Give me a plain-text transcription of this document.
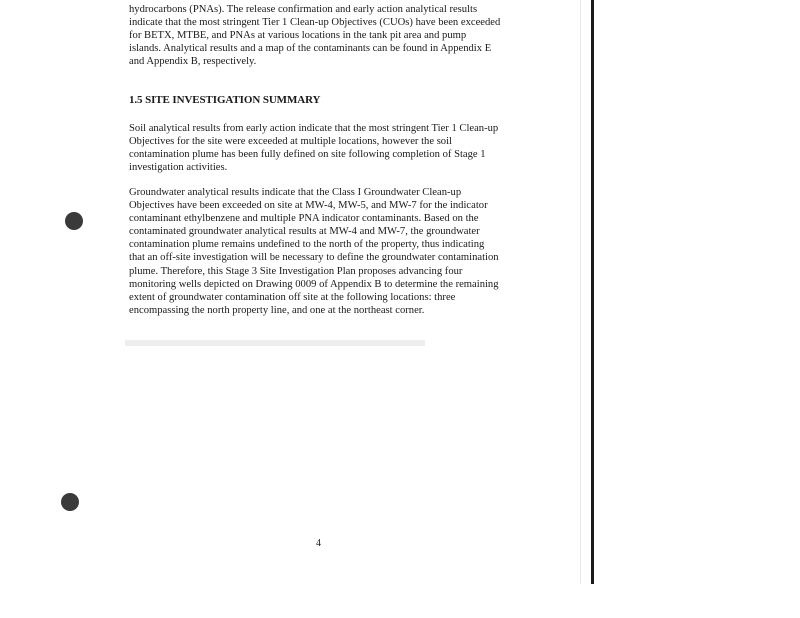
hydrocarbons (PNAs). The release confirmation and early action analytical results
indicate that the most stringent Tier 1 Clean-up Objectives (CUOs) have been exceeded
for BETX, MTBE, and PNAs at various locations in the tank pit area and pump
islands. Analytical results and a map of the contaminants can be found in Appendix E
and Appendix B, respectively.
1.5 SITE INVESTIGATION SUMMARY
Soil analytical results from early action indicate that the most stringent Tier 1 Clean-up
Objectives for the site were exceeded at multiple locations, however the soil
contamination plume has been fully defined on site following completion of Stage 1
investigation activities.
Groundwater analytical results indicate that the Class I Groundwater Clean-up
Objectives have been exceeded on site at MW-4, MW-5, and MW-7 for the indicator
contaminant ethylbenzene and multiple PNA indicator contaminants. Based on the
contaminated groundwater analytical results at MW-4 and MW-7, the groundwater
contamination plume remains undefined to the north of the property, thus indicating
that an off-site investigation will be necessary to define the groundwater contamination
plume. Therefore, this Stage 3 Site Investigation Plan proposes advancing four
monitoring wells depicted on Drawing 0009 of Appendix B to determine the remaining
extent of groundwater contamination off site at the following locations: three
encompassing the north property line, and one at the northeast corner.
4
